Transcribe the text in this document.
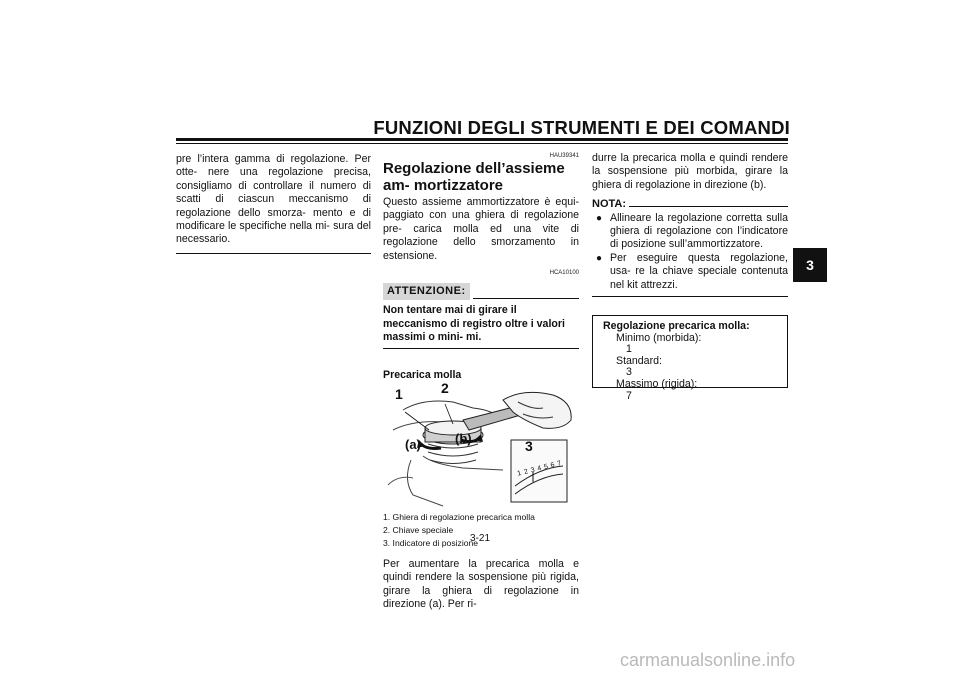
FUNZIONI DEGLI STRUMENTI E DEI COMANDI
3

pre l’intera gamma di regolazione. Per otte- nere una regolazione precisa, consigliamo di controllare il numero di scatti di ciascun meccanismo di regolazione dello smorza- mento e di modificare le specifiche nella mi- sura del necessario.

HAU39341
Regolazione dell’assieme am- mortizzatore

Questo assieme ammortizzatore è equi- paggiato con una ghiera di regolazione pre- carica molla ed una vite di regolazione dello smorzamento in estensione.

HCA10100
ATTENZIONE:

Non tentare mai di girare il meccanismo di registro oltre i valori massimi o mini- mi.

Precarica molla

1	2
3
(a)	(b)
1 2 3 4 5 6 7
1. Ghiera di regolazione precarica molla
2. Chiave speciale
3. Indicatore di posizione

Per aumentare la precarica molla e quindi rendere la sospensione più rigida, girare la ghiera di regolazione in direzione (a). Per ri-

durre la precarica molla e quindi rendere la sospensione più morbida, girare la ghiera di regolazione in direzione (b).

NOTA:
● Allineare la regolazione corretta sulla ghiera di regolazione con l’indicatore di posizione sull’ammortizzatore.
● Per eseguire questa regolazione, usa- re la chiave speciale contenuta nel kit attrezzi.
Regolazione precarica molla:
Minimo (morbida):
1
Standard:
3
Massimo (rigida):
7
3-21
carmanualsonline.info
